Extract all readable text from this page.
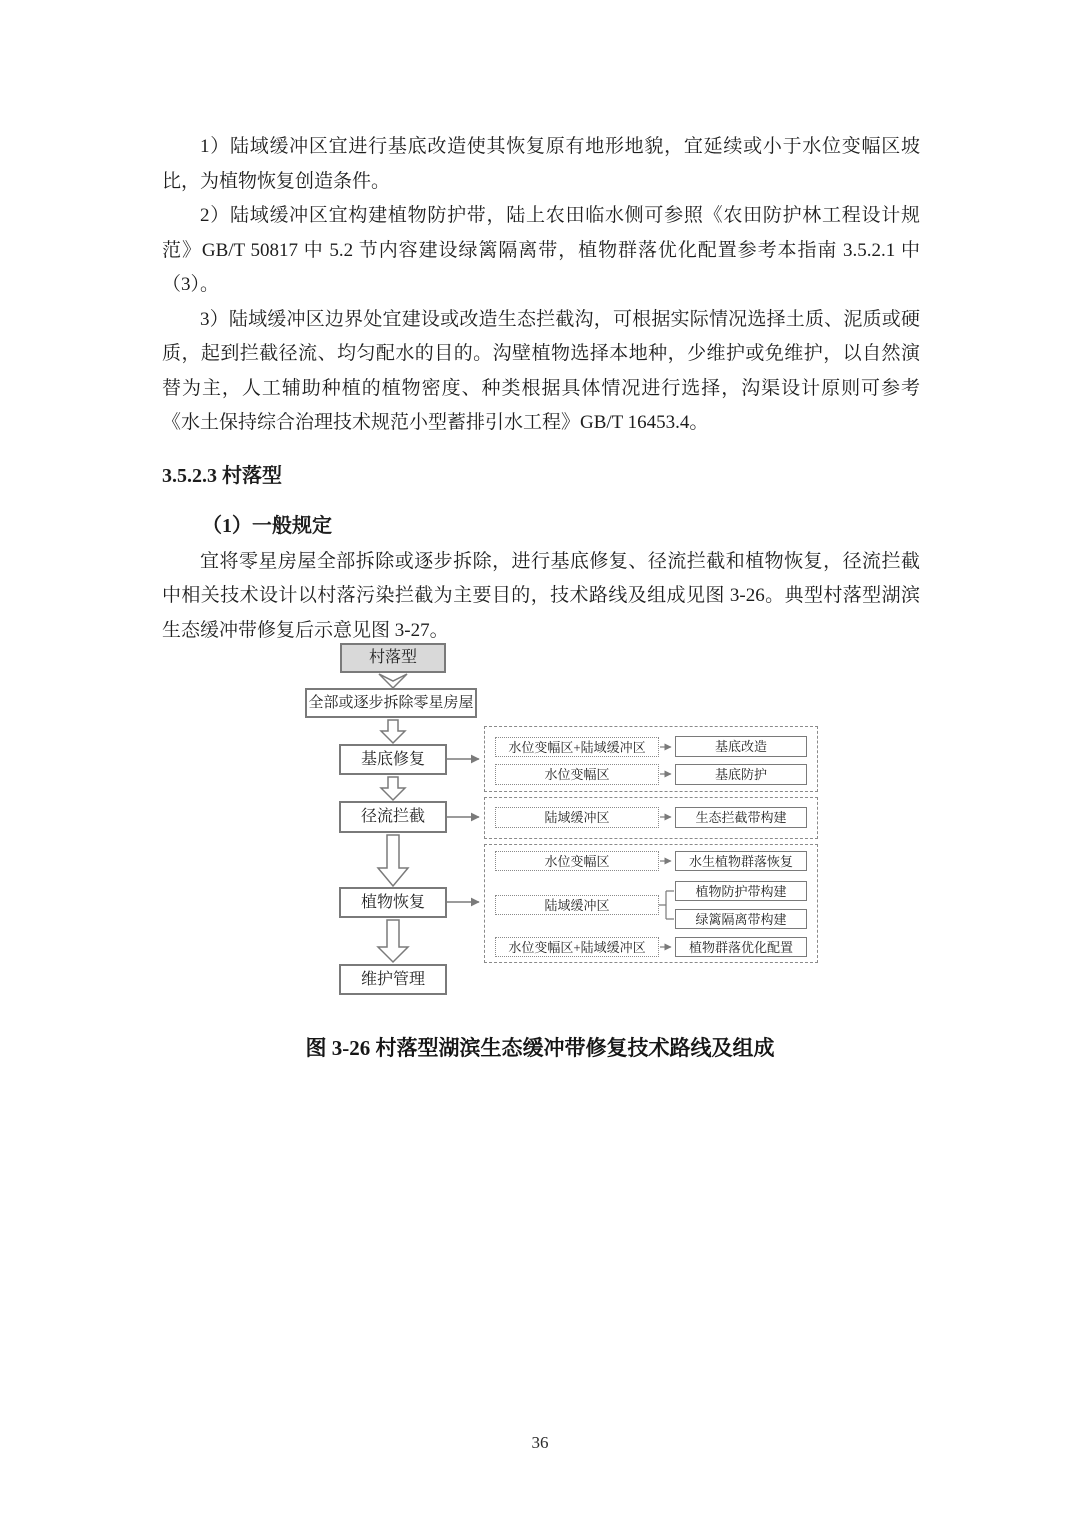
1）陆域缓冲区宜进行基底改造使其恢复原有地形地貌，宜延续或小于水位变幅区坡比，为植物恢复创造条件。

2）陆域缓冲区宜构建植物防护带，陆上农田临水侧可参照《农田防护林工程设计规范》GB/T 50817 中 5.2 节内容建设绿篱隔离带，植物群落优化配置参考本指南 3.5.2.1 中（3）。

3）陆域缓冲区边界处宜建设或改造生态拦截沟，可根据实际情况选择土质、泥质或硬质，起到拦截径流、均匀配水的目的。沟壁植物选择本地种，少维护或免维护，以自然演替为主，人工辅助种植的植物密度、种类根据具体情况进行选择，沟渠设计原则可参考《水土保持综合治理技术规范小型蓄排引水工程》GB/T 16453.4。

3.5.2.3 村落型
（1）一般规定

宜将零星房屋全部拆除或逐步拆除，进行基底修复、径流拦截和植物恢复，径流拦截中相关技术设计以村落污染拦截为主要目的，技术路线及组成见图 3-26。典型村落型湖滨生态缓冲带修复后示意见图 3-27。

村落型
全部或逐步拆除零星房屋
基底修复
径流拦截
植物恢复
维护管理
水位变幅区+陆域缓冲区
水位变幅区
陆域缓冲区
水位变幅区
陆域缓冲区
水位变幅区+陆域缓冲区
基底改造
基底防护
生态拦截带构建
水生植物群落恢复
植物防护带构建
绿篱隔离带构建
植物群落优化配置
图 3-26 村落型湖滨生态缓冲带修复技术路线及组成
36
